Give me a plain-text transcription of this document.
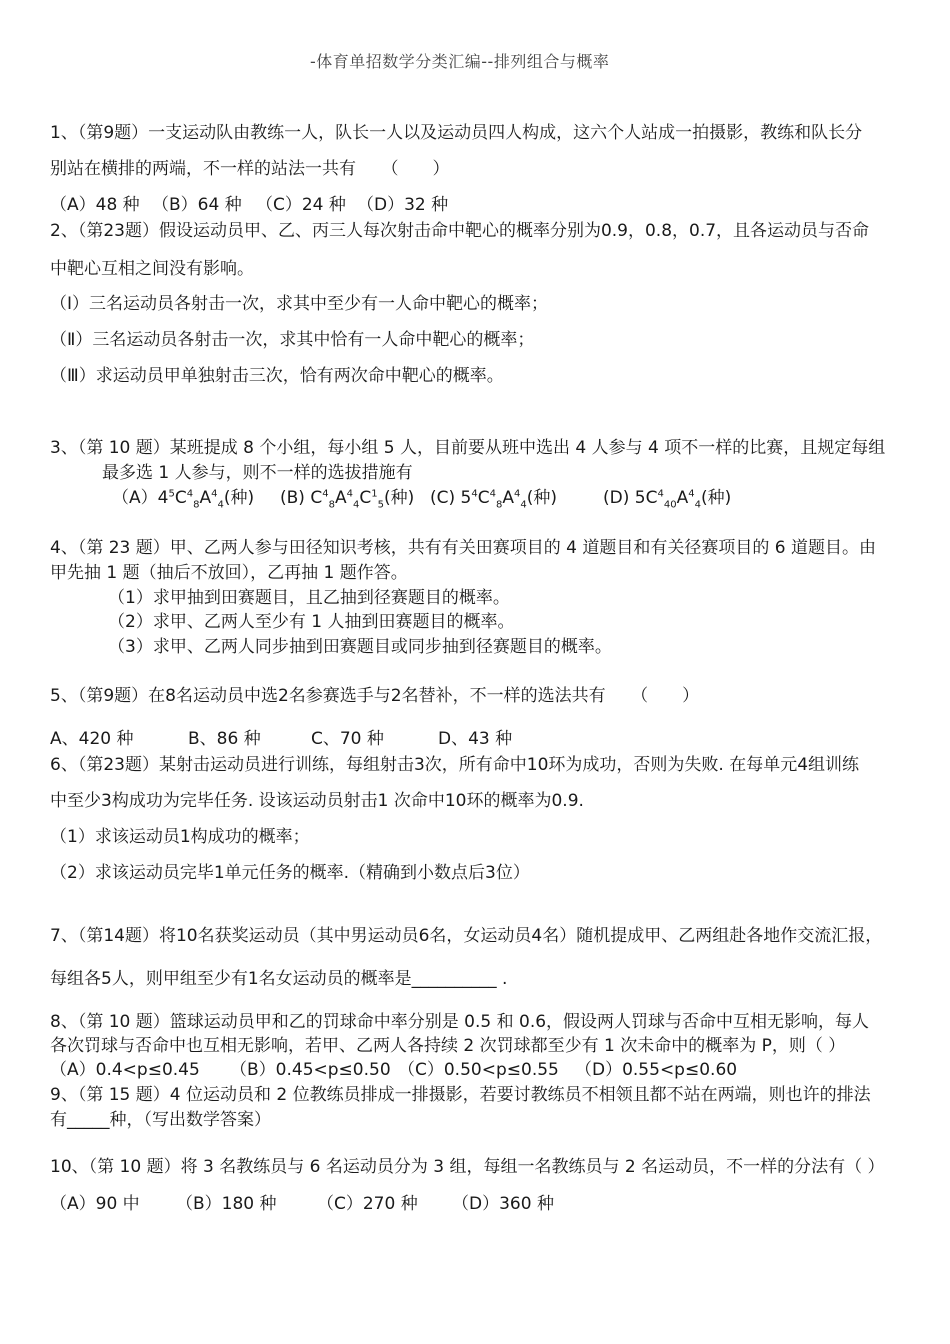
-体育单招数学分类汇编--排列组合与概率
1、（第9题）一支运动队由教练一人，队长一人以及运动员四人构成，这六个人站成一拍摄影，教练和队长分
别站在横排的两端，不一样的站法一共有　　（　　）
（A）48 种 （B）64 种 （C）24 种 （D）32 种
2、（第23题）假设运动员甲、乙、丙三人每次射击命中靶心的概率分别为0.9，0.8，0.7，且各运动员与否命
中靶心互相之间没有影响。
（Ⅰ）三名运动员各射击一次，求其中至少有一人命中靶心的概率；
（Ⅱ）三名运动员各射击一次，求其中恰有一人命中靶心的概率；
（Ⅲ）求运动员甲单独射击三次，恰有两次命中靶心的概率。
3、（第 10 题）某班提成 8 个小组，每小组 5 人，目前要从班中选出 4 人参与 4 项不一样的比赛，且规定每组
最多选 1 人参与，则不一样的选拔措施有
$(A)4^5C^4_8A^4_4$(种) (B) $C^4_8A^4_4C^1_5$(种) (C) $5^4C^4_8A^4_4$(种)	(D) $5C^4_{40}A^4_4$(种)
4、（第 23 题）甲、乙两人参与田径知识考核，共有有关田赛项目的 4 道题目和有关径赛项目的 6 道题目。由
甲先抽 1 题（抽后不放回），乙再抽 1 题作答。
（1）求甲抽到田赛题目，且乙抽到径赛题目的概率。
（2）求甲、乙两人至少有 1 人抽到田赛题目的概率。
（3）求甲、乙两人同步抽到田赛题目或同步抽到径赛题目的概率。
5、（第9题）在8名运动员中选2名参赛选手与2名替补，不一样的选法共有　　（　　）
A、420 种	B、86 种	C、70 种	D、43 种
6、（第23题）某射击运动员进行训练，每组射击3次，所有命中10环为成功，否则为失败. 在每单元4组训练
中至少3构成功为完毕任务. 设该运动员射击1 次命中10环的概率为0.9.
（1）求该运动员1构成功的概率；
（2）求该运动员完毕1单元任务的概率.（精确到小数点后3位）
7、（第14题）将10名获奖运动员（其中男运动员6名，女运动员4名）随机提成甲、乙两组赴各地作交流汇报，
每组各5人，则甲组至少有1名女运动员的概率是__________ .
8、（第 10 题）篮球运动员甲和乙的罚球命中率分别是 0.5 和 0.6，假设两人罚球与否命中互相无影响，每人
各次罚球与否命中也互相无影响，若甲、乙两人各持续 2 次罚球都至少有 1 次未命中的概率为 P，则（ ）
（A）0.4<p≤0.45 （B）0.45<p≤0.50 （C）0.50<p≤0.55 （D）0.55<p≤0.60
9、（第 15 题）4 位运动员和 2 位教练员排成一排摄影，若要讨教练员不相领且都不站在两端，则也许的排法
有_____种，（写出数学答案）
10、（第 10 题）将 3 名教练员与 6 名运动员分为 3 组，每组一名教练员与 2 名运动员，不一样的分法有（ ）
（A）90 中 （B）180 种 （C）270 种 （D）360 种
